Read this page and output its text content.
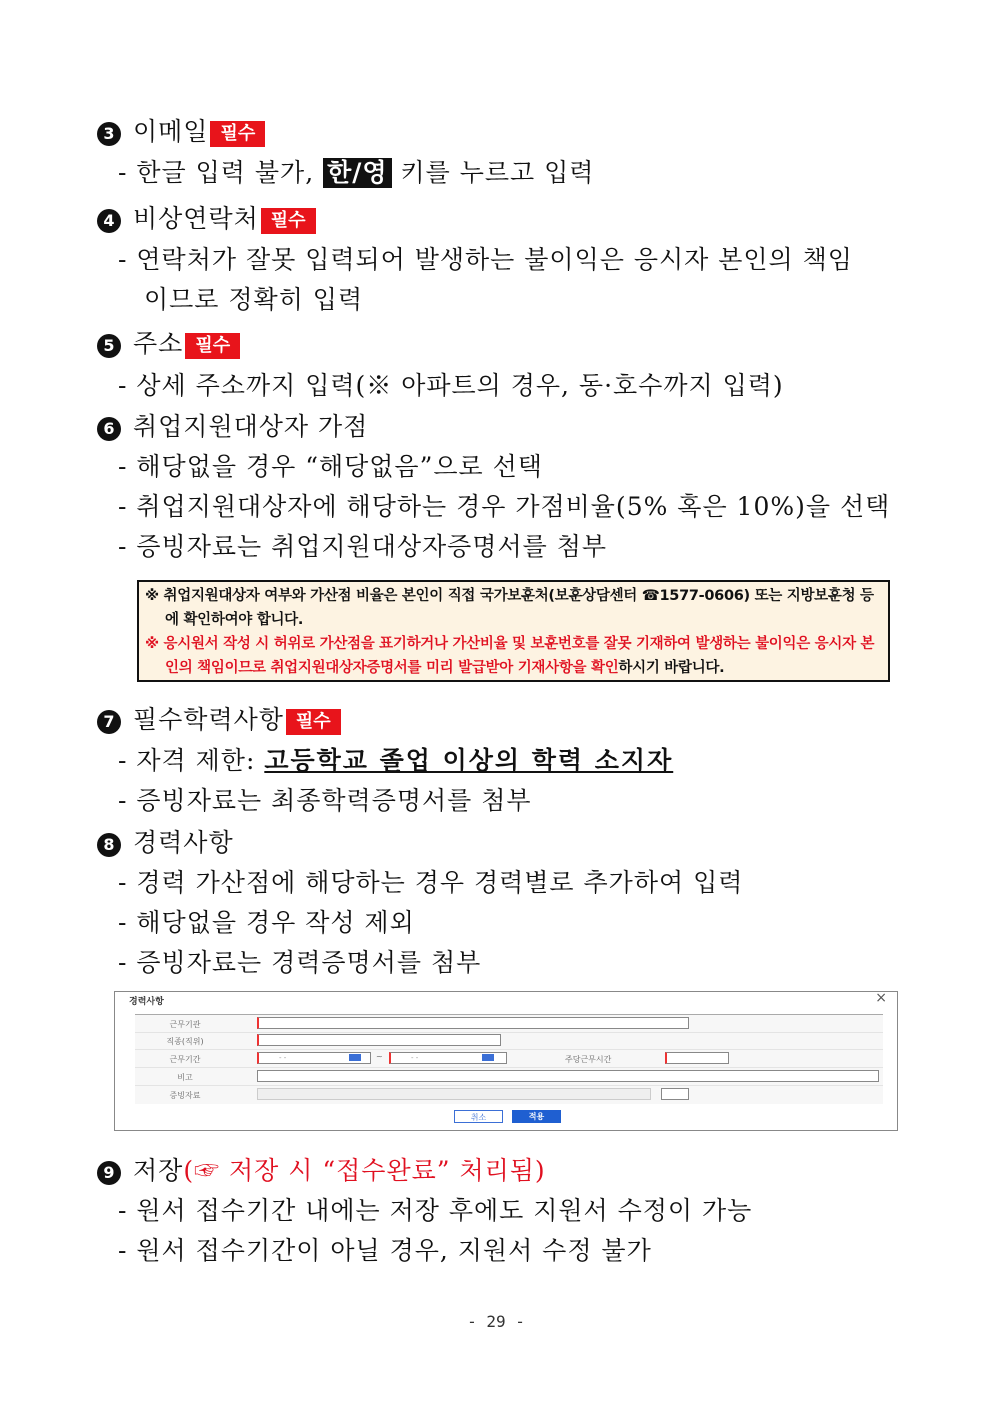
3 이메일 필수
- 한글 입력 불가, 한/영 키를 누르고 입력
4 비상연락처 필수
- 연락처가 잘못 입력되어 발생하는 불이익은 응시자 본인의 책임
이므로 정확히 입력
5 주소 필수
- 상세 주소까지 입력(※ 아파트의 경우, 동·호수까지 입력)
6 취업지원대상자 가점
- 해당없을 경우 “해당없음”으로 선택
- 취업지원대상자에 해당하는 경우 가점비율(5% 혹은 10%)을 선택
- 증빙자료는 취업지원대상자증명서를 첨부

※ 취업지원대상자 여부와 가산점 비율은 본인이 직접 국가보훈처(보훈상담센터 ☎1577-0606) 또는 지방보훈청 등에 확인하여야 합니다.

※ 응시원서 작성 시 허위로 가산점을 표기하거나 가산비율 및 보훈번호를 잘못 기재하여 발생하는 불이익은 응시자 본인의 책임이므로 취업지원대상자증명서를 미리 발급받아 기재사항을 확인하시기 바랍니다.

7 필수학력사항 필수
- 자격 제한: 고등학교 졸업 이상의 학력 소지자
- 증빙자료는 최종학력증명서를 첨부
8 경력사항
- 경력 가산점에 해당하는 경우 경력별로 추가하여 입력
- 해당없을 경우 작성 제외
- 증빙자료는 경력증명서를 첨부
경력사항	×
근무기관
직종(직위)
근무기간	- -	~	- -	주당근무시간
비고
증빙자료
취소	적용
9 저장(☞ 저장 시 “접수완료” 처리됨)
- 원서 접수기간 내에는 저장 후에도 지원서 수정이 가능
- 원서 접수기간이 아닐 경우, 지원서 수정 불가
- 29 -
